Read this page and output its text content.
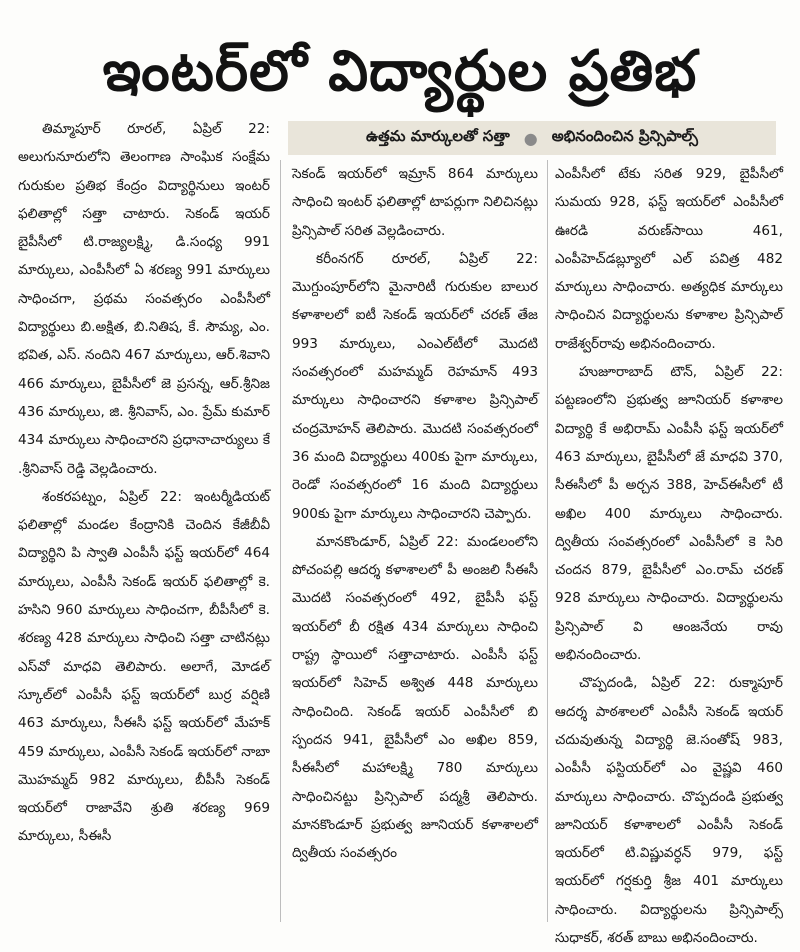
ఇంటర్‌లో విద్యార్థుల ప్రతిభ
ఉత్తమ మార్కులతో సత్తా ● అభినందించిన ప్రిన్సిపాల్స్

తిమ్మాపూర్ రూరల్, ఏప్రిల్ 22: అలుగునూరులోని తెలంగాణ సాంఘిక సంక్షేమ గురుకుల ప్రతిభ కేంద్రం విద్యార్థినులు ఇంటర్ ఫలితాల్లో సత్తా చాటారు. సెకండ్ ఇయర్ బైపీసీలో టి.రాజ్యలక్ష్మి, డి.సంధ్య 991 మార్కులు, ఎంపీసీలో ఏ శరణ్య 991 మార్కులు సాధించగా, ప్రథమ సంవత్సరం ఎంపీసీలో విద్యార్థులు బి.అక్షిత, బి.నితిష, కే. సౌమ్య, ఎం. భవిత, ఎస్. నందిని 467 మార్కులు, ఆర్.శివాని 466 మార్కులు, బైపీసీలో జె ప్రసన్న, ఆర్.శ్రీనిజ 436 మార్కులు, జి. శ్రీనివాస్, ఎం. ప్రేమ్ కుమార్ 434 మార్కులు సాధించారని ప్రధానాచార్యులు కే .శ్రీనివాస్ రెడ్డి వెల్లడించారు.

శంకరపట్నం, ఏప్రిల్ 22: ఇంటర్మీడియట్ ఫలితాల్లో మండల కేంద్రానికి చెందిన కేజీబీవీ విద్యార్థిని పి స్వాతి ఎంపీసీ ఫస్ట్ ఇయర్‌లో 464 మార్కులు, ఎంపీసీ సెకండ్ ఇయర్ ఫలితాల్లో కె. హసిని 960 మార్కులు సాధించగా, బీపీసీలో కె. శరణ్య 428 మార్కులు సాధించి సత్తా చాటినట్లు ఎస్‌వో మాధవి తెలిపారు. అలాగే, మోడల్ స్కూల్‌లో ఎంపీసీ ఫస్ట్ ఇయర్‌లో బుర్ర వర్షిణి 463 మార్కులు, సీఈసీ ఫస్ట్ ఇయర్‌లో మేహక్ 459 మార్కులు, ఎంపీసీ సెకండ్ ఇయర్‌లో నాబా మొహమ్మద్ 982 మార్కులు, బీపీసీ సెకండ్ ఇయర్‌లో రాజావేని శ్రుతి శరణ్య 969 మార్కులు, సీఈసీ

సెకండ్ ఇయర్‌లో ఇమ్రాన్ 864 మార్కులు సాధించి ఇంటర్ ఫలితాల్లో టాపర్లుగా నిలిచినట్లు ప్రిన్సిపాల్ సరిత వెల్లడించారు.

కరీంనగర్ రూరల్, ఏప్రిల్ 22: మొగ్దుంపూర్‌లోని మైనారిటీ గురుకుల బాలుర కళాశాలలో ఐటీ సెకండ్ ఇయర్‌లో చరణ్ తేజ 993 మార్కులు, ఎంఎల్‌టీలో మొదటి సంవత్సరంలో మహమ్మద్ రెహమాన్ 493 మార్కులు సాధించారని కళాశాల ప్రిన్సిపాల్ చంద్రమోహన్ తెలిపారు. మొదటి సంవత్సరంలో 36 మంది విద్యార్థులు 400కు పైగా మార్కులు, రెండో సంవత్సరంలో 16 మంది విద్యార్థులు 900కు పైగా మార్కులు సాధించారని చెప్పారు.

మానకొండూర్, ఏప్రిల్ 22: మండలంలోని పోచంపల్లి ఆదర్శ కళాశాలలో పీ అంజలి సీఈసీ మొదటి సంవత్సరంలో 492, బైపీసీ ఫస్ట్ ఇయర్‌లో బీ రక్షిత 434 మార్కులు సాధించి రాష్ట్ర స్థాయిలో సత్తాచాటారు. ఎంపీసీ ఫస్ట్ ఇయర్‌లో సిహెచ్ అశ్విత 448 మార్కులు సాధించింది. సెకండ్ ఇయర్ ఎంపీసీలో బి స్పందన 941, బైపీసీలో ఎం అఖిల 859, సీఈసీలో మహాలక్ష్మి 780 మార్కులు సాధించినట్టు ప్రిన్సిపాల్ పద్మశ్రీ తెలిపారు. మానకొండూర్ ప్రభుత్వ జూనియర్ కళాశాలలో ద్వితీయ సంవత్సరం

ఎంపీసీలో టేకు సరిత 929, బైపీసీలో సుమయ 928, ఫస్ట్ ఇయర్‌లో ఎంపీసీలో ఊరడి వరుణ్‌సాయి 461, ఎంపీహెచ్‌డబ్ల్యూలో ఎల్ పవిత్ర 482 మార్కులు సాధించారు. అత్యధిక మార్కులు సాధించిన విద్యార్థులను కళాశాల ప్రిన్సిపాల్ రాజేశ్వర్‌రావు అభినందించారు.

హుజూరాబాద్ టౌన్, ఏప్రిల్ 22: పట్టణంలోని ప్రభుత్వ జూనియర్ కళాశాల విద్యార్థి కే అభిరామ్ ఎంపీసీ ఫస్ట్ ఇయర్‌లో 463 మార్కులు, బైపీసీలో జే మాధవి 370, సీఈసీలో పీ అర్చన 388, హెచ్ఈసీలో టీ అఖిల 400 మార్కులు సాధించారు. ద్వితీయ సంవత్సరంలో ఎంపీసీలో కె సిరి చందన 879, బైపీసీలో ఎం.రామ్ చరణ్ 928 మార్కులు సాధించారు. విద్యార్థులను ప్రిన్సిపాల్ వి ఆంజనేయ రావు అభినందించారు.

చొప్పదండి, ఏప్రిల్ 22: రుక్మాపూర్ ఆదర్శ పాఠశాలలో ఎంపీసీ సెకండ్ ఇయర్ చదువుతున్న విద్యార్థి జె.సంతోష్ 983, ఎంపీసీ ఫస్టియర్‌లో ఎం వైష్ణవి 460 మార్కులు సాధించారు. చొప్పదండి ప్రభుత్వ జూనియర్ కళాశాలలో ఎంపీసీ సెకండ్ ఇయర్‌లో టి.విష్ణువర్ధన్ 979, ఫస్ట్ ఇయర్‌లో గర్షకుర్తి శ్రీజ 401 మార్కులు సాధించారు. విద్యార్థులను ప్రిన్సిపాల్స్ సుధాకర్, శరత్ బాబు అభినందించారు.
